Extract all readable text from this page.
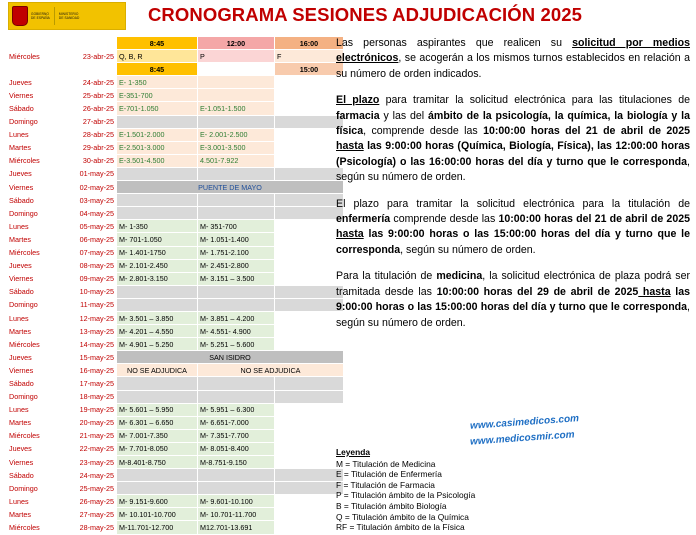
GOBIERNO
DE ESPAÑA
MINISTERIO
DE SANIDAD	CRONOGRAMA SESIONES ADJUDICACIÓN 2025
		8:45	12:00	16:00
Miércoles	23-abr-25	Q, B, R	P	F
		8:45		15:00
Jueves	24-abr-25	E- 1-350		
Viernes	25-abr-25	E-351-700		
Sábado	26-abr-25	E-701-1.050	E-1.051-1.500	
Domingo	27-abr-25			
Lunes	28-abr-25	E-1.501-2.000	E- 2.001-2.500	
Martes	29-abr-25	E-2.501-3.000	E-3.001-3.500	
Miércoles	30-abr-25	E-3.501-4.500	4.501-7.922	
Jueves	01-may-25			
Viernes	02-may-25	PUENTE DE MAYO		
Sábado	03-may-25			
Domingo	04-may-25			
Lunes	05-may-25	M- 1-350	M- 351-700	
Martes	06-may-25	M- 701-1.050	M- 1.051-1.400	
Miércoles	07-may-25	M- 1.401-1750	M- 1.751-2.100	
Jueves	08-may-25	M- 2.101-2.450	M- 2.451-2.800	
Viernes	09-may-25	M- 2.801-3.150	M- 3.151 – 3.500	
Sábado	10-may-25			
Domingo	11-may-25			
Lunes	12-may-25	M- 3.501 – 3.850	M- 3.851 – 4.200	
Martes	13-may-25	M- 4.201 – 4.550	M- 4.551- 4.900	
Miércoles	14-may-25	M- 4.901 – 5.250	M- 5.251 – 5.600	
Jueves	15-may-25	SAN ISIDRO		
Viernes	16-may-25	NO SE ADJUDICA	NO SE ADJUDICA	
Sábado	17-may-25			
Domingo	18-may-25			
Lunes	19-may-25	M- 5.601 – 5.950	M- 5.951 – 6.300	
Martes	20-may-25	M- 6.301 – 6.650	M- 6.651-7.000	
Miércoles	21-may-25	M- 7.001-7.350	M- 7.351-7.700	
Jueves	22-may-25	M- 7.701-8.050	M- 8.051-8.400	
Viernes	23-may-25	M-8.401-8.750	M-8.751-9.150	
Sábado	24-may-25			
Domingo	25-may-25			
Lunes	26-may-25	M- 9.151-9.600	M- 9.601-10.100	
Martes	27-may-25	M- 10.101-10.700	M- 10.701-11.700	
Miércoles	28-may-25	M-11.701-12.700	M12.701-13.691	

Las personas aspirantes que realicen su solicitud por medios electrónicos, se acogerán a los mismos turnos establecidos en relación a su número de orden indicados.

El plazo para tramitar la solicitud electrónica para las titulaciones de farmacia y las del ámbito de la psicología, la química, la biología y la física, comprende desde las 10:00:00 horas del 21 de abril de 2025 hasta las 9:00:00 horas (Química, Biología, Física), las 12:00:00 horas (Psicología) o las 16:00:00 horas del día y turno que le corresponda, según su número de orden.

El plazo para tramitar la solicitud electrónica para la titulación de enfermería comprende desde las 10:00:00 horas del 21 de abril de 2025 hasta las 9:00:00 horas o las 15:00:00 horas del día y turno que le corresponda, según su número de orden.

Para la titulación de medicina, la solicitud electrónica de plaza podrá ser tramitada desde las 10:00:00 horas del 29 de abril de 2025 hasta las 9:00:00 horas o las 15:00:00 horas del día y turno que le corresponda, según su número de orden.

www.casimedicos.com
www.medicosmir.com
Leyenda
M = Titulación de Medicina
E = Titulación de Enfermería
F = Titulación de Farmacia
P = Titulación ámbito de la Psicología
B = Titulación ámbito Biología
Q = Titulación ámbito de la Química
RF = Titulación ámbito de la Física
